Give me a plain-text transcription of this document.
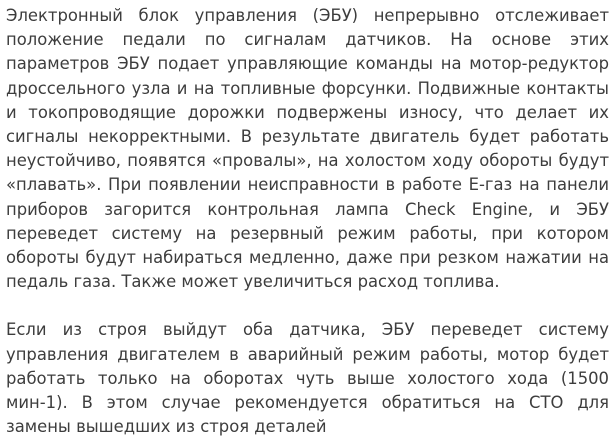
Электронный блок управления (ЭБУ) непрерывно отслеживает положение педали по сигналам датчиков. На основе этих параметров ЭБУ подает управляющие команды на мотор-редуктор дроссельного узла и на топливные форсунки. Подвижные контакты и токопроводящие дорожки подвержены износу, что делает их сигналы некорректными. В результате двигатель будет работать неустойчиво, появятся «провалы», на холостом ходу обороты будут «плавать». При появлении неисправности в работе Е-газ на панели приборов загорится контрольная лампа Check Engine, и ЭБУ переведет систему на резервный режим работы, при котором обороты будут набираться медленно, даже при резком нажатии на педаль газа. Также может увеличиться расход топлива.

Если из строя выйдут оба датчика, ЭБУ переведет систему управления двигателем в аварийный режим работы, мотор будет работать только на оборотах чуть выше холостого хода (1500 мин-1). В этом случае рекомендуется обратиться на СТО для замены вышедших из строя деталей
